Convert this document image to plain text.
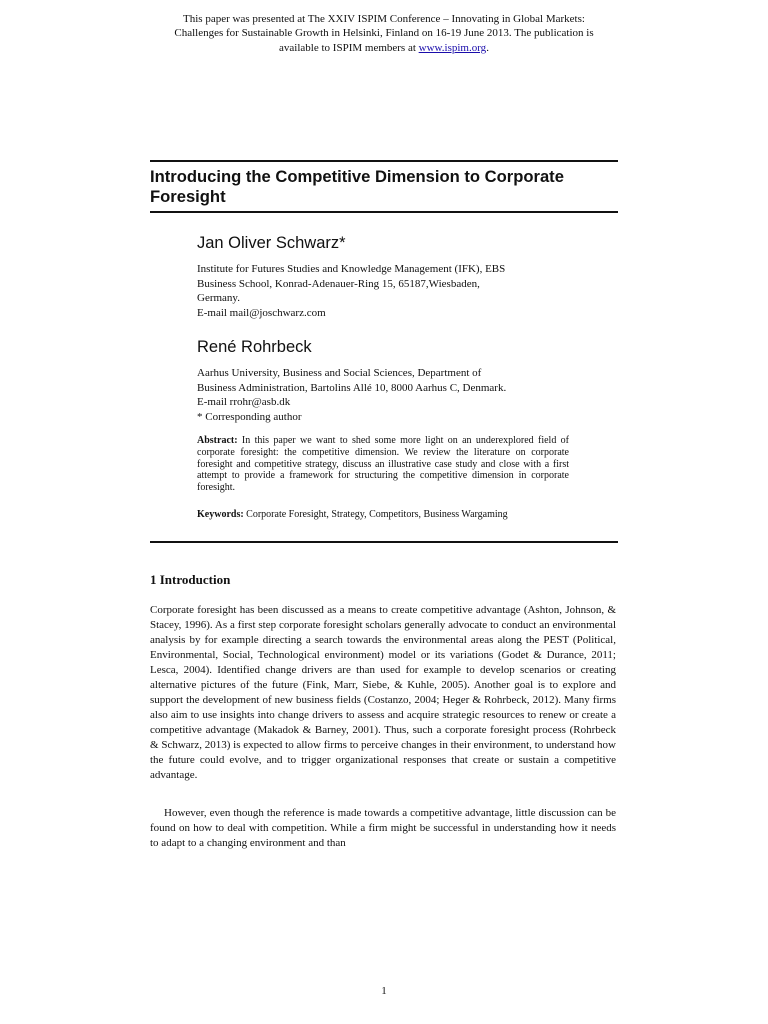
This paper was presented at The XXIV ISPIM Conference – Innovating in Global Markets:
Challenges for Sustainable Growth in Helsinki, Finland on 16-19 June 2013. The publication is
available to ISPIM members at www.ispim.org.
Introducing the Competitive Dimension to Corporate
Foresight
Jan Oliver Schwarz*
Institute for Futures Studies and Knowledge Management (IFK), EBS
Business School, Konrad-Adenauer-Ring 15, 65187,Wiesbaden,
Germany.
E-mail mail@joschwarz.com
René Rohrbeck
Aarhus University, Business and Social Sciences, Department of
Business Administration, Bartolins Allé 10, 8000 Aarhus C, Denmark.
E-mail rrohr@asb.dk
* Corresponding author
Abstract: In this paper we want to shed some more light on an underexplored field of corporate foresight: the competitive dimension. We review the literature on corporate foresight and competitive strategy, discuss an illustrative case study and close with a first attempt to provide a framework for structuring the competitive dimension in corporate foresight.
Keywords: Corporate Foresight, Strategy, Competitors, Business Wargaming
1 Introduction
Corporate foresight has been discussed as a means to create competitive advantage (Ashton, Johnson, & Stacey, 1996). As a first step corporate foresight scholars generally advocate to conduct an environmental analysis by for example directing a search towards the environmental areas along the PEST (Political, Environmental, Social, Technological environment) model or its variations (Godet & Durance, 2011; Lesca, 2004). Identified change drivers are than used for example to develop scenarios or creating alternative pictures of the future (Fink, Marr, Siebe, & Kuhle, 2005). Another goal is to explore and support the development of new business fields (Costanzo, 2004; Heger & Rohrbeck, 2012). Many firms also aim to use insights into change drivers to assess and acquire strategic resources to renew or create a competitive advantage (Makadok & Barney, 2001). Thus, such a corporate foresight process (Rohrbeck & Schwarz, 2013) is expected to allow firms to perceive changes in their environment, to understand how the future could evolve, and to trigger organizational responses that create or sustain a competitive advantage.
However, even though the reference is made towards a competitive advantage, little discussion can be found on how to deal with competition. While a firm might be successful in understanding how it needs to adapt to a changing environment and than
1
